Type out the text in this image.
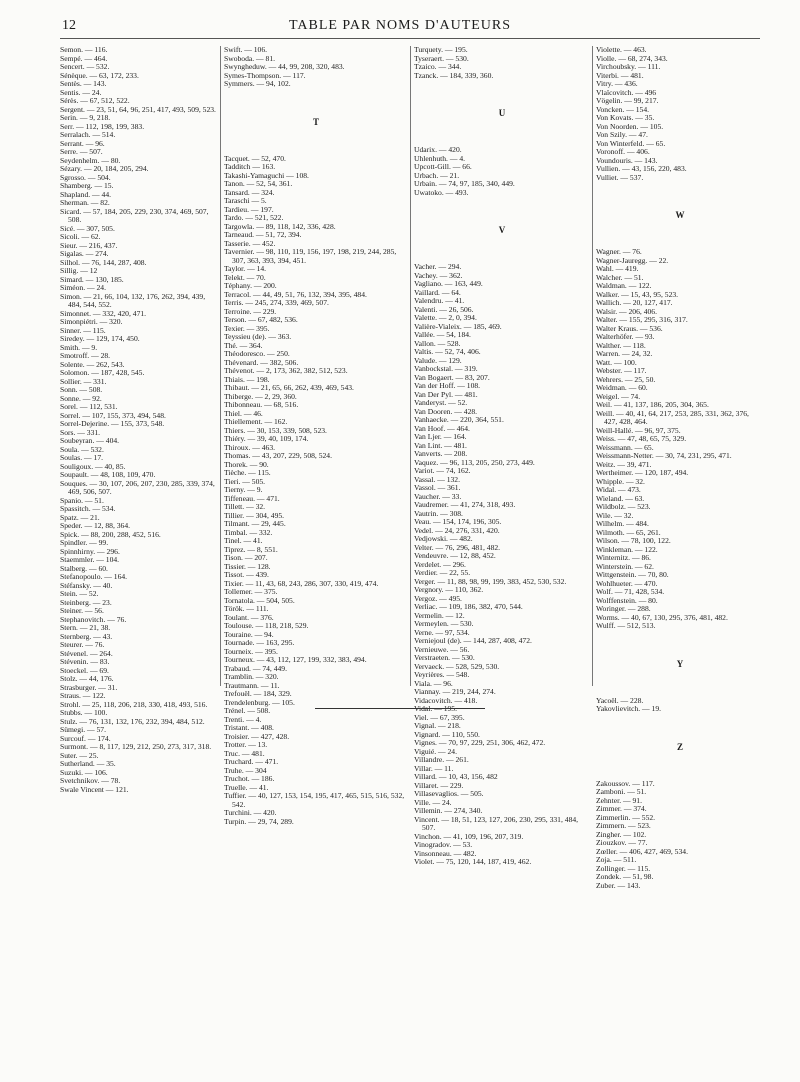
12	TABLE PAR NOMS D'AUTEURS
Semon. — 116.
Sempé. — 464.
Sencert. — 532.
Sénèque. — 63, 172, 233.
Sentès. — 143.
Sentis. — 24.
Sérès. — 67, 512, 522.
Sergent. — 23, 51, 64, 96, 251, 417, 493, 509, 523.
Serin. — 9, 218.
Serr. — 112, 198, 199, 383.
Serralach. — 514.
Serrant. — 96.
Serre. — 507.
Seydenhelm. — 80.
Sézary. — 20, 184, 205, 294.
Sgrosso. — 504.
Shamberg. — 15.
Shapland. — 44.
Sherman. — 82.
Sicard. — 57, 184, 205, 229, 230, 374, 469, 507, 508.
Sicé. — 307, 505.
Sicoli. — 62.
Sieur. — 216, 437.
Sigalas. — 274.
Silhol. — 76, 144, 287, 408.
Sillig. — 12
Simard. — 130, 185.
Siméon. — 24.
Simon. — 21, 66, 104, 132, 176, 262, 394, 439, 484, 544, 552.
Simonnet. — 332, 420, 471.
Simonpiétri. — 320.
Sinner. — 115.
Siredey. — 129, 174, 450.
Smith. — 9.
Smotroff. — 28.
Solente. — 262, 543.
Solomon. — 187, 428, 545.
Sollier. — 331.
Sonn. — 508.
Sonne. — 92.
Sorel. — 112, 531.
Sorrel. — 107, 155, 373, 494, 548.
Sorrel-Dejerine. — 155, 373, 548.
Sors. — 331.
Soubeyran. — 404.
Soula. — 532.
Soulas. — 17.
Souligoux. — 40, 85.
Soupault. — 48, 108, 109, 470.
Souques. — 30, 107, 206, 207, 230, 285, 339, 374, 469, 506, 507.
Spanio. — 51.
Spassitch. — 534.
Spatz. — 21.
Speder. — 12, 88, 364.
Spick. — 88, 200, 288, 452, 516.
Spindler. — 99.
Spinnhirny. — 296.
Staemmler. — 104.
Stalberg. — 60.
Stefanopoulo. — 164.
Stéfansky. — 40.
Stein. — 52.
Steinberg. — 23.
Steiner. — 56.
Stephanovitch. — 76.
Stern. — 21, 38.
Sternberg. — 43.
Steurer. — 76.
Stévenel. — 264.
Stévenin. — 83.
Stoeckel. — 69.
Stolz. — 44, 176.
Strasburger. — 31.
Straus. — 122.
Strohl. — 25, 118, 206, 218, 330, 418, 493, 516.
Stubbs. — 100.
Stulz. — 76, 131, 132, 176, 232, 394, 484, 512.
Sümegi. — 57.
Surcouf. — 174.
Surmont. — 8, 117, 129, 212, 250, 273, 317, 318.
Suter. — 25.
Sutherland. — 35.
Suzuki. — 106.
Svetchnikov. — 78.
Swale Vincent — 121.
Swift. — 106.
Swoboda. — 81.
Swyngheduw. — 44, 99, 208, 320, 483.
Symes-Thompson. — 117.
Symmers. — 94, 102.
T
Tacquet. — 52, 470.
Tadditch — 163.
Takashi-Yamaguchi — 108.
Tanon. — 52, 54, 361.
Tansard. — 324.
Taraschi — 5.
Tardieu. — 197.
Tardo. — 521, 522.
Targowla. — 89, 118, 142, 336, 428.
Tarneaud. — 51, 72, 394.
Tasserie. — 452.
Tavernier. — 98, 110, 119, 156, 197, 198, 219, 244, 285, 307, 363, 393, 394, 451.
Taylor. — 14.
Telekt. — 70.
Téphany. — 200.
Terracol. — 44, 49, 51, 76, 132, 394, 395, 484.
Terris. — 245, 274, 339, 469, 507.
Terroine. — 229.
Terson. — 67, 482, 536.
Texier. — 395.
Teyssieu (de). — 363.
Thé. — 364.
Théodoresco. — 250.
Thévenard. — 382, 506.
Thévenot. — 2, 173, 362, 382, 512, 523.
Thiais. — 198.
Thibaut. — 21, 65, 66, 262, 439, 469, 543.
Thiberge. — 2, 29, 360.
Thibonneau. — 68, 516.
Thiel. — 46.
Thiellement. — 162.
Thiers. — 30, 153, 339, 508, 523.
Thiéry. — 39, 40, 109, 174.
Thiroux. — 463.
Thomas. — 43, 207, 229, 508, 524.
Thorek. — 90.
Tièche. — 115.
Tieri. — 505.
Tierny. — 9.
Tiffeneau. — 471.
Tillett. — 32.
Tillier. — 304, 495.
Tilmant. — 29, 445.
Timbal. — 332.
Tinel. — 41.
Tiprez. — 8, 551.
Tison. — 207.
Tissier. — 128.
Tissot. — 439.
Tixier. — 11, 43, 68, 243, 286, 307, 330, 419, 474.
Tollemer. — 375.
Tornatola. — 504, 505.
Török. — 111.
Toulant. — 376.
Toulouse. — 118, 218, 529.
Touraine. — 94.
Tournade. — 163, 295.
Tourneix. — 395.
Tourneux. — 43, 112, 127, 199, 332, 383, 494.
Trabaud. — 74, 449.
Tramblin. — 320.
Trautmann. — 11.
Trefouël. — 184, 329.
Trendelenburg. — 105.
Trénel. — 508.
Trenti. — 4.
Tristant. — 408.
Troisier. — 427, 428.
Trotter. — 13.
Truc. — 481.
Truchard. — 471.
Truhe. — 304
Truchot. — 186.
Truelle. — 41.
Tuffier. — 40, 127, 153, 154, 195, 417, 465, 515, 516, 532, 542.
Turchini. — 420.
Turpin. — 29, 74, 289.
Turquety. — 195.
Tyseraert. — 530.
Tzaico. — 344.
Tzanck. — 184, 339, 360.
U
Udarix. — 420.
Uhlenhuth. — 4.
Upcott-Gill. — 66.
Urbach. — 21.
Urbain. — 74, 97, 185, 340, 449.
Uwatoko. — 493.
V
Vacher. — 294.
Vachey. — 362.
Vagliano. — 163, 449.
Vaillard. — 64.
Valendru. — 41.
Valenti. — 26, 506.
Valette. — 2, 0, 394.
Valière-Vialeix. — 185, 469.
Vallée. — 54, 184.
Vallon. — 528.
Valtis. — 52, 74, 406.
Valude. — 129.
Vanbockstal. — 319.
Van Bogaert. — 83, 207.
Van der Hoff. — 108.
Van Der Pyl. — 481.
Vanderyst. — 52.
Van Dooren. — 428.
Vanhaecke. — 220, 364, 551.
Van Hoof. — 464.
Van Ljer. — 164.
Van Lint. — 481.
Vanverts. — 208.
Vaquez. — 96, 113, 205, 250, 273, 449.
Variot. — 74, 162.
Vassal. — 132.
Vassol. — 361.
Vaucher. — 33.
Vaudremer. — 41, 274, 318, 493.
Vautrin. — 308.
Veau. — 154, 174, 196, 305.
Vedel. — 24, 276, 331, 420.
Vedjowski. — 482.
Velter. — 76, 296, 481, 482.
Vendeuvre. — 12, 88, 452.
Verdelet. — 296.
Verdier. — 22, 55.
Verger. — 11, 88, 98, 99, 199, 383, 452, 530, 532.
Vergnory. — 110, 362.
Vergoz. — 495.
Verliac. — 109, 186, 382, 470, 544.
Vermelin. — 12.
Vermeylen. — 530.
Verne. — 97, 534.
Verniejoul (de). — 144, 287, 408, 472.
Vernieuwe. — 56.
Verstraeten. — 530.
Vervaeck. — 528, 529, 530.
Veyrières. — 548.
Viala. — 96.
Viannay. — 219, 244, 274.
Vidacovitch. — 418.
Vidal. — 195.
Viel. — 67, 395.
Vignal. — 218.
Vignard. — 110, 550.
Vignes. — 70, 97, 229, 251, 306, 462, 472.
Viguié. — 24.
Villandre. — 261.
Villar. — 11.
Villard. — 10, 43, 156, 482
Villaret. — 229.
Villasevaglios. — 505.
Ville. — 24.
Villemin. — 274, 340.
Vincent. — 18, 51, 123, 127, 206, 230, 295, 331, 484, 507.
Vinchon. — 41, 109, 196, 207, 319.
Vinogradov. — 53.
Vinsonneau. — 482.
Violet. — 75, 120, 144, 187, 419, 462.
Violette. — 463.
Violle. — 68, 274, 343.
Virchoubsky. — 111.
Viterbi. — 481.
Vitry. — 436.
Vlaïcovitch. — 496
Vögelin. — 99, 217.
Voncken. — 154.
Von Kovats. — 35.
Von Noorden. — 105.
Von Szily. — 47.
Von Winterfeld. — 65.
Voronoff. — 406.
Voundouris. — 143.
Vullien. — 43, 156, 220, 483.
Vulliet. — 537.
W
Wagner. — 76.
Wagner-Jauregg. — 22.
Wahl. — 419.
Walcher. — 51.
Waldman. — 122.
Walker. — 15, 43, 95, 523.
Wallich. — 20, 127, 417.
Walsir. — 206, 406.
Walter. — 155, 295, 316, 317.
Walter Kraus. — 536.
Walterhöfer. — 93.
Walther. — 118.
Warren. — 24, 32.
Watt. — 100.
Webster. — 117.
Wehrers. — 25, 50.
Weidman. — 60.
Weigel. — 74.
Weil. — 41, 137, 186, 205, 304, 365.
Weill. — 40, 41, 64, 217, 253, 285, 331, 362, 376, 427, 428, 464.
Weill-Hallé. — 96, 97, 375.
Weiss. — 47, 48, 65, 75, 329.
Weissmann. — 65.
Weissmann-Netter. — 30, 74, 231, 295, 471.
Weitz. — 39, 471.
Wertheimer. — 120, 187, 494.
Whipple. — 32.
Widal. — 473.
Wieland. — 63.
Wildbolz. — 523.
Wile. — 32.
Wilhelm. — 484.
Wilmoth. — 65, 261.
Wilson. — 78, 100, 122.
Winkleman. — 122.
Winternitz. — 86.
Winterstein. — 62.
Wittgenstein. — 70, 80.
Wohlhueter. — 470.
Wolf. — 71, 428, 534.
Wolffenstein. — 80.
Woringer. — 288.
Worms. — 40, 67, 130, 295, 376, 481, 482.
Wulff. — 512, 513.
Y
Yacoël. — 228.
Yakovlievitch. — 19.
Z
Zakoussov. — 117.
Zamboni. — 51.
Zehnter. — 91.
Zimmer. — 374.
Zimmerlin. — 552.
Zimmern. — 523.
Zingher. — 102.
Ziouzkov. — 77.
Zœller. — 406, 427, 469, 534.
Zoja. — 511.
Zollinger. — 115.
Zondek. — 51, 98.
Zuber. — 143.
